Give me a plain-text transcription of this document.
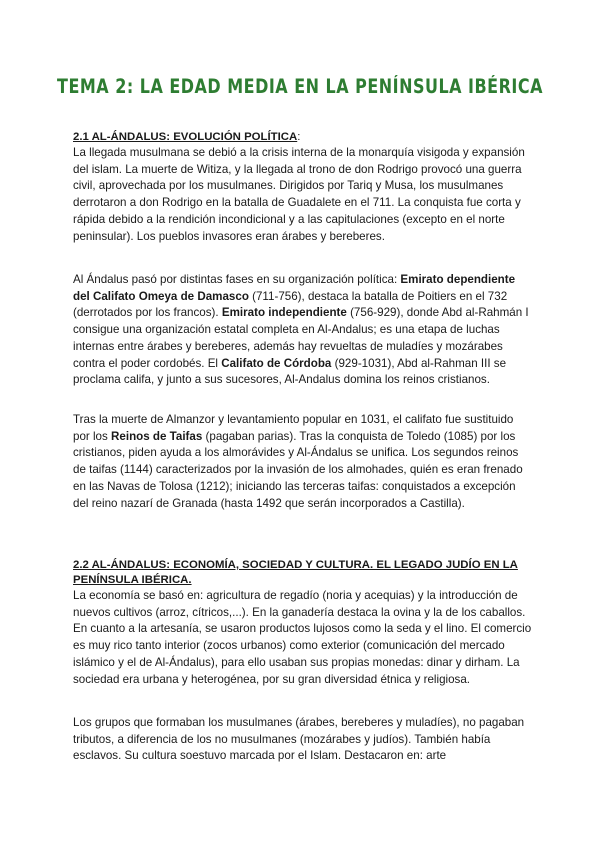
TEMA 2: LA EDAD MEDIA EN LA PENÍNSULA IBÉRICA

2.1 AL-ÁNDALUS: EVOLUCIÓN POLÍTICA:

La llegada musulmana se debió a la crisis interna de la monarquía visigoda y expansión del islam. La muerte de Witiza, y la llegada al trono de don Rodrigo provocó una guerra civil, aprovechada por los musulmanes. Dirigidos por Tariq y Musa, los musulmanes derrotaron a don Rodrigo en la batalla de Guadalete en el 711. La conquista fue corta y rápida debido a la rendición incondicional y a las capitulaciones (excepto en el norte peninsular). Los pueblos invasores eran árabes y bereberes.

Al Ándalus pasó por distintas fases en su organización política: Emirato dependiente del Califato Omeya de Damasco (711-756), destaca la batalla de Poitiers en el 732 (derrotados por los francos). Emirato independiente (756-929), donde Abd al-Rahmán I consigue una organización estatal completa en Al-Andalus; es una etapa de luchas internas entre árabes y bereberes, además hay revueltas de muladíes y mozárabes contra el poder cordobés. El Califato de Córdoba (929-1031), Abd al-Rahman III se proclama califa, y junto a sus sucesores, Al-Andalus domina los reinos cristianos.

Tras la muerte de Almanzor y levantamiento popular en 1031, el califato fue sustituido por los Reinos de Taifas (pagaban parias). Tras la conquista de Toledo (1085) por los cristianos, piden ayuda a los almorávides y Al-Ándalus se unifica. Los segundos reinos de taifas (1144) caracterizados por la invasión de los almohades, quién es eran frenado en las Navas de Tolosa (1212); iniciando las terceras taifas: conquistados a excepción del reino nazarí de Granada (hasta 1492 que serán incorporados a Castilla).

2.2 AL-ÁNDALUS: ECONOMÍA, SOCIEDAD Y CULTURA. EL LEGADO JUDÍO EN LA PENÍNSULA IBÉRICA.

La economía se basó en: agricultura de regadío (noria y acequias) y la introducción de nuevos cultivos (arroz, cítricos,...). En la ganadería destaca la ovina y la de los caballos. En cuanto a la artesanía, se usaron productos lujosos como la seda y el lino. El comercio es muy rico tanto interior (zocos urbanos) como exterior (comunicación del mercado islámico y el de Al-Ándalus), para ello usaban sus propias monedas: dinar y dirham. La sociedad era urbana y heterogénea, por su gran diversidad étnica y religiosa.

Los grupos que formaban los musulmanes (árabes, bereberes y muladíes), no pagaban tributos, a diferencia de los no musulmanes (mozárabes y judíos). También había esclavos. Su cultura soestuvo marcada por el Islam. Destacaron en: arte
